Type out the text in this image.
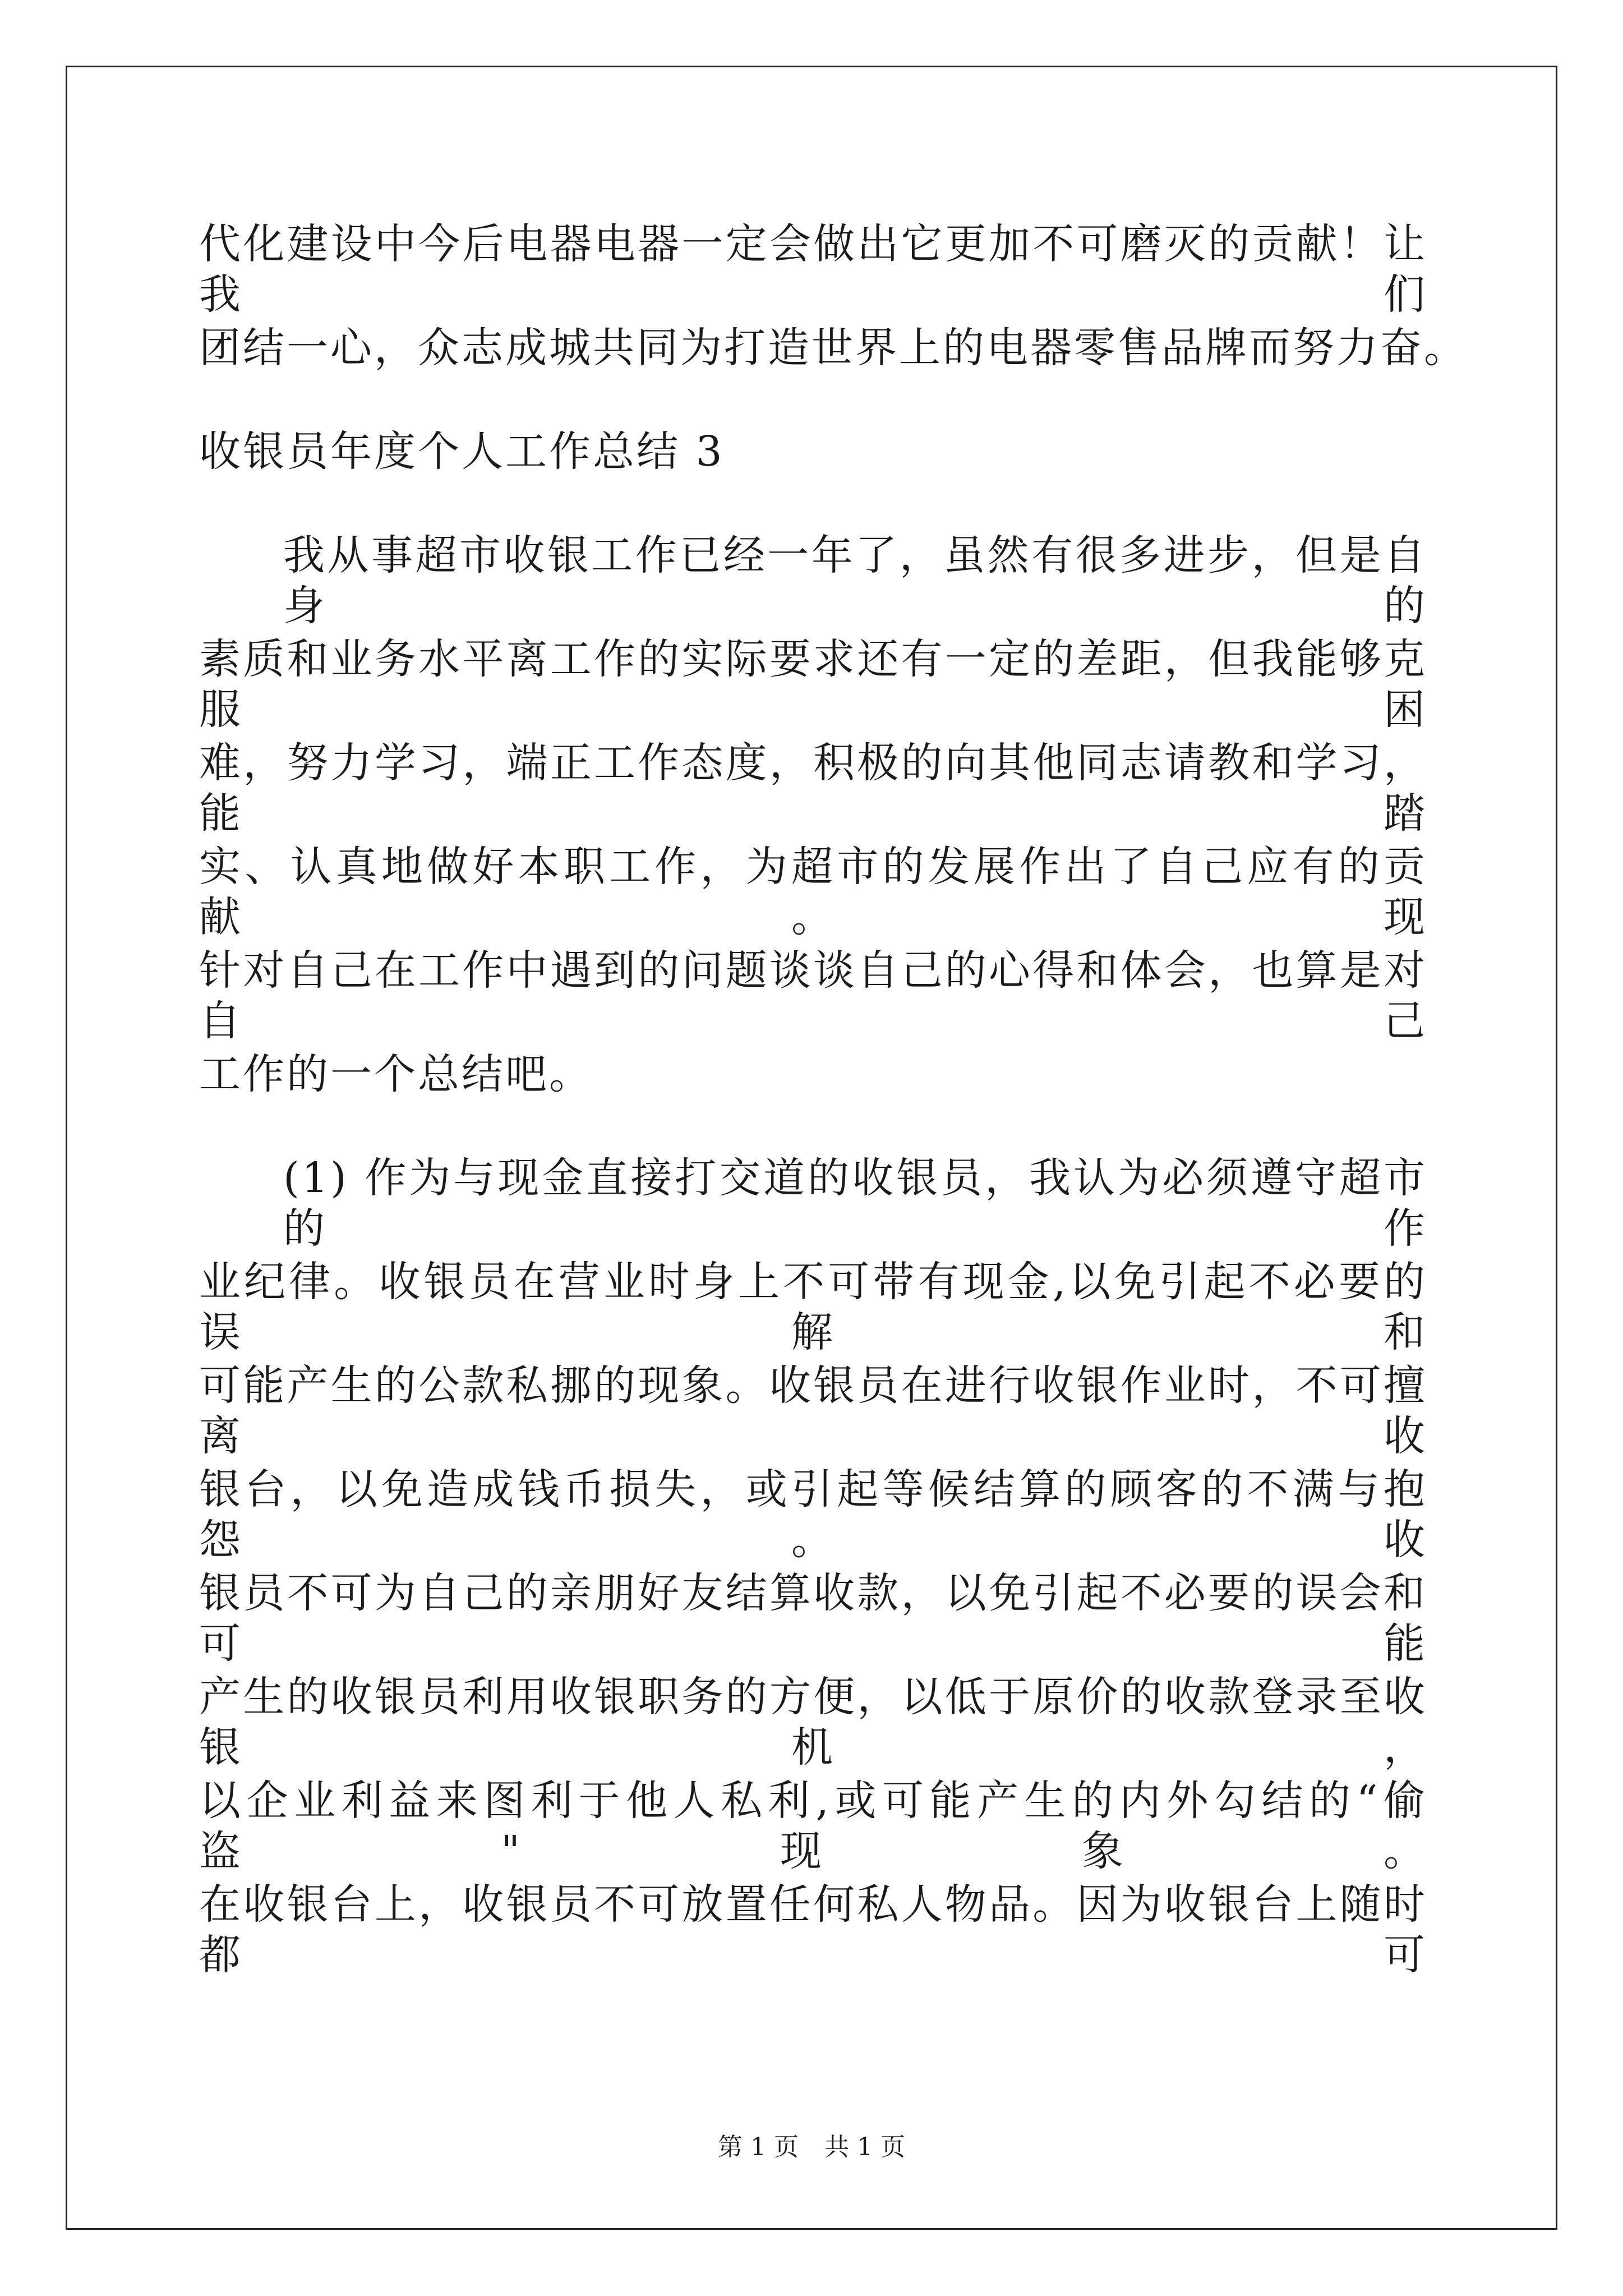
代化建设中今后电器电器一定会做出它更加不可磨灭的贡献！让我们
团结一心，众志成城共同为打造世界上的电器零售品牌而努力奋。
收银员年度个人工作总结 3
我从事超市收银工作已经一年了，虽然有很多进步，但是自身的
素质和业务水平离工作的实际要求还有一定的差距，但我能够克服困
难，努力学习，端正工作态度，积极的向其他同志请教和学习，能踏
实、认真地做好本职工作，为超市的发展作出了自己应有的贡献。现
针对自己在工作中遇到的问题谈谈自己的心得和体会，也算是对自己
工作的一个总结吧。
(1) 作为与现金直接打交道的收银员，我认为必须遵守超市的作
业纪律。收银员在营业时身上不可带有现金,以免引起不必要的误解和
可能产生的公款私挪的现象。收银员在进行收银作业时，不可擅离收
银台，以免造成钱币损失，或引起等候结算的顾客的不满与抱怨。收
银员不可为自己的亲朋好友结算收款，以免引起不必要的误会和可能
产生的收银员利用收银职务的方便，以低于原价的收款登录至收银机，
以企业利益来图利于他人私利,或可能产生的内外勾结的“偷盗"现象。
在收银台上，收银员不可放置任何私人物品。因为收银台上随时都可
第 1 页 共 1 页
